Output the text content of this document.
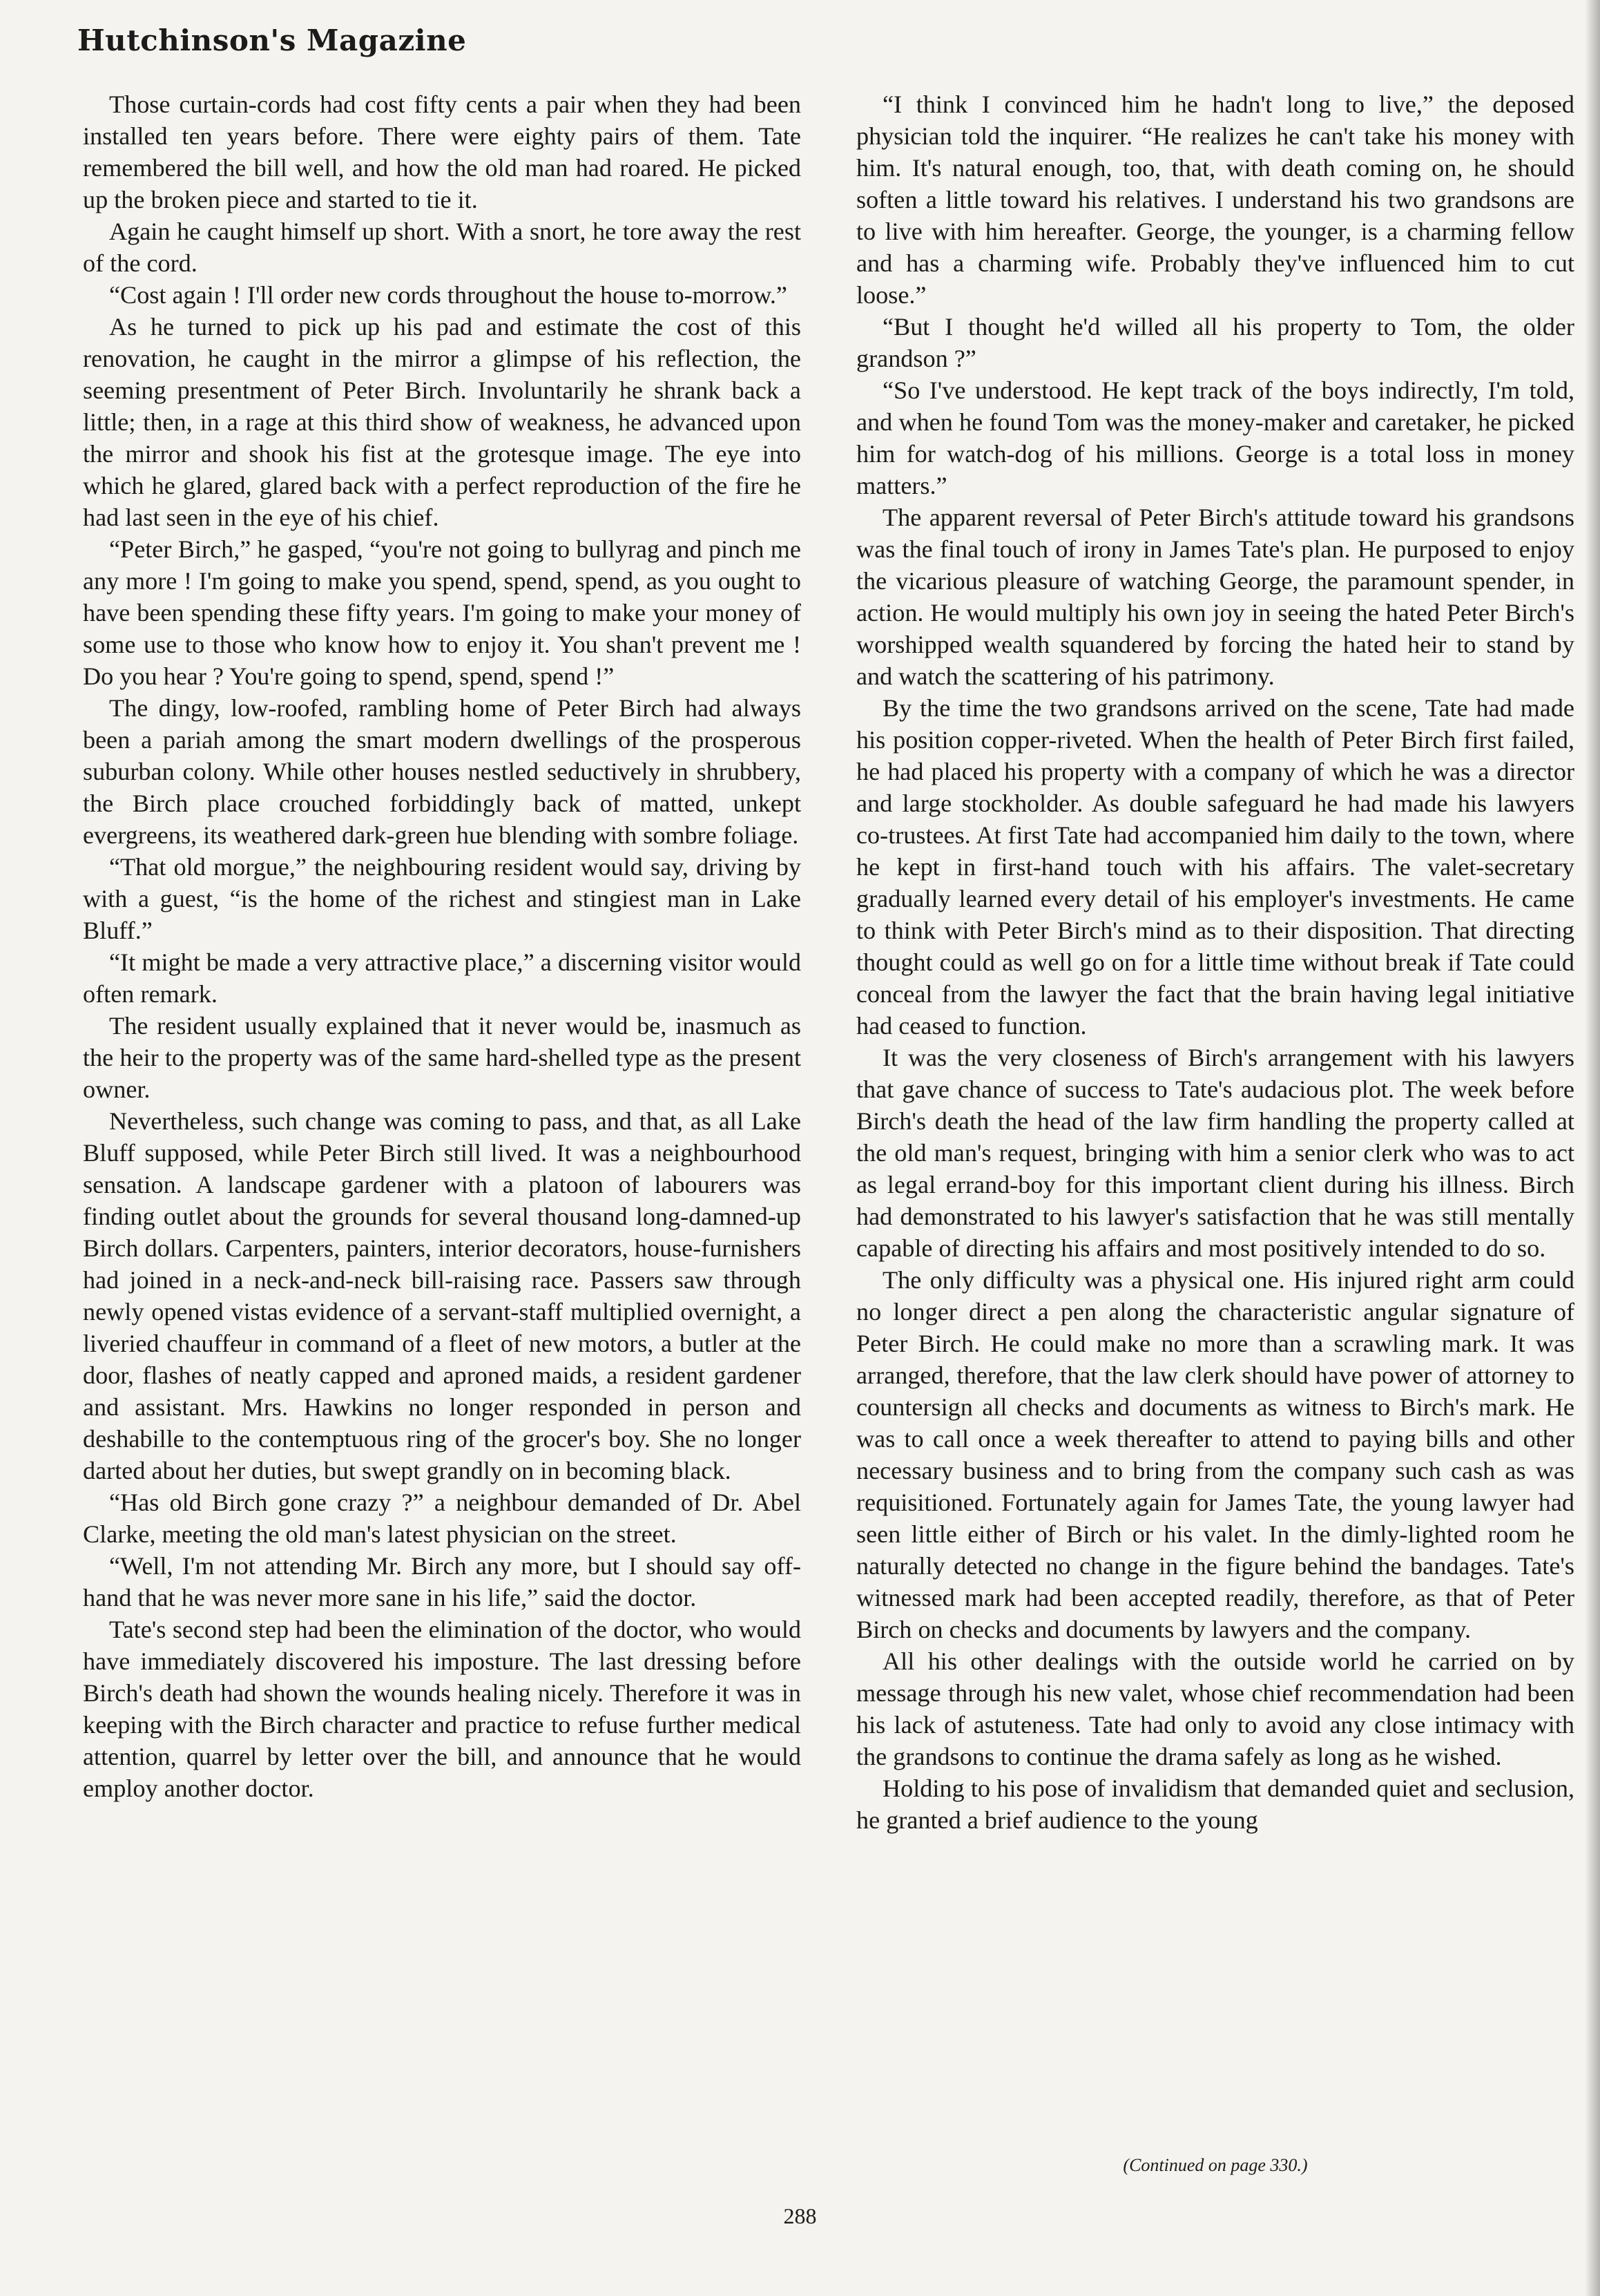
Hutchinson's Magazine

Those curtain-cords had cost fifty cents a pair when they had been installed ten years before. There were eighty pairs of them. Tate remembered the bill well, and how the old man had roared. He picked up the broken piece and started to tie it.

Again he caught himself up short. With a snort, he tore away the rest of the cord.

“Cost again ! I'll order new cords throughout the house to-morrow.”

As he turned to pick up his pad and estimate the cost of this renovation, he caught in the mirror a glimpse of his reflection, the seeming presentment of Peter Birch. Involuntarily he shrank back a little; then, in a rage at this third show of weakness, he advanced upon the mirror and shook his fist at the grotesque image. The eye into which he glared, glared back with a perfect reproduction of the fire he had last seen in the eye of his chief.

“Peter Birch,” he gasped, “you're not going to bullyrag and pinch me any more ! I'm going to make you spend, spend, spend, as you ought to have been spending these fifty years. I'm going to make your money of some use to those who know how to enjoy it. You shan't prevent me ! Do you hear ? You're going to spend, spend, spend !”

The dingy, low-roofed, rambling home of Peter Birch had always been a pariah among the smart modern dwellings of the prosperous suburban colony. While other houses nestled seductively in shrubbery, the Birch place crouched forbiddingly back of matted, unkept evergreens, its weathered dark-green hue blending with sombre foliage.

“That old morgue,” the neighbouring resident would say, driving by with a guest, “is the home of the richest and stingiest man in Lake Bluff.”

“It might be made a very attractive place,” a discerning visitor would often remark.

The resident usually explained that it never would be, inasmuch as the heir to the property was of the same hard-shelled type as the present owner.

Nevertheless, such change was coming to pass, and that, as all Lake Bluff supposed, while Peter Birch still lived. It was a neighbourhood sensation. A landscape gardener with a platoon of labourers was finding outlet about the grounds for several thousand long-damned-up Birch dollars. Carpenters, painters, interior decorators, house-furnishers had joined in a neck-and-neck bill-raising race. Passers saw through newly opened vistas evidence of a servant-staff multiplied overnight, a liveried chauffeur in command of a fleet of new motors, a butler at the door, flashes of neatly capped and aproned maids, a resident gardener and assistant. Mrs. Hawkins no longer responded in person and deshabille to the contemptuous ring of the grocer's boy. She no longer darted about her duties, but swept grandly on in becoming black.

“Has old Birch gone crazy ?” a neighbour demanded of Dr. Abel Clarke, meeting the old man's latest physician on the street.

“Well, I'm not attending Mr. Birch any more, but I should say off-hand that he was never more sane in his life,” said the doctor.

Tate's second step had been the elimination of the doctor, who would have immediately discovered his imposture. The last dressing before Birch's death had shown the wounds healing nicely. Therefore it was in keeping with the Birch character and practice to refuse further medical attention, quarrel by letter over the bill, and announce that he would employ another doctor.

“I think I convinced him he hadn't long to live,” the deposed physician told the inquirer. “He realizes he can't take his money with him. It's natural enough, too, that, with death coming on, he should soften a little toward his relatives. I understand his two grandsons are to live with him hereafter. George, the younger, is a charming fellow and has a charming wife. Probably they've influenced him to cut loose.”

“But I thought he'd willed all his property to Tom, the older grandson ?”

“So I've understood. He kept track of the boys indirectly, I'm told, and when he found Tom was the money-maker and caretaker, he picked him for watch-dog of his millions. George is a total loss in money matters.”

The apparent reversal of Peter Birch's attitude toward his grandsons was the final touch of irony in James Tate's plan. He purposed to enjoy the vicarious pleasure of watching George, the paramount spender, in action. He would multiply his own joy in seeing the hated Peter Birch's worshipped wealth squandered by forcing the hated heir to stand by and watch the scattering of his patrimony.

By the time the two grandsons arrived on the scene, Tate had made his position copper-riveted. When the health of Peter Birch first failed, he had placed his property with a company of which he was a director and large stockholder. As double safeguard he had made his lawyers co-trustees. At first Tate had accompanied him daily to the town, where he kept in first-hand touch with his affairs. The valet-secretary gradually learned every detail of his employer's investments. He came to think with Peter Birch's mind as to their disposition. That directing thought could as well go on for a little time without break if Tate could conceal from the lawyer the fact that the brain having legal initiative had ceased to function.

It was the very closeness of Birch's arrangement with his lawyers that gave chance of success to Tate's audacious plot. The week before Birch's death the head of the law firm handling the property called at the old man's request, bringing with him a senior clerk who was to act as legal errand-boy for this important client during his illness. Birch had demonstrated to his lawyer's satisfaction that he was still mentally capable of directing his affairs and most positively intended to do so.

The only difficulty was a physical one. His injured right arm could no longer direct a pen along the characteristic angular signature of Peter Birch. He could make no more than a scrawling mark. It was arranged, therefore, that the law clerk should have power of attorney to countersign all checks and documents as witness to Birch's mark. He was to call once a week thereafter to attend to paying bills and other necessary business and to bring from the company such cash as was requisitioned. Fortunately again for James Tate, the young lawyer had seen little either of Birch or his valet. In the dimly-lighted room he naturally detected no change in the figure behind the bandages. Tate's witnessed mark had been accepted readily, therefore, as that of Peter Birch on checks and documents by lawyers and the company.

All his other dealings with the outside world he carried on by message through his new valet, whose chief recommendation had been his lack of astuteness. Tate had only to avoid any close intimacy with the grandsons to continue the drama safely as long as he wished.

Holding to his pose of invalidism that demanded quiet and seclusion, he granted a brief audience to the young

(Continued on page 330.)
288
